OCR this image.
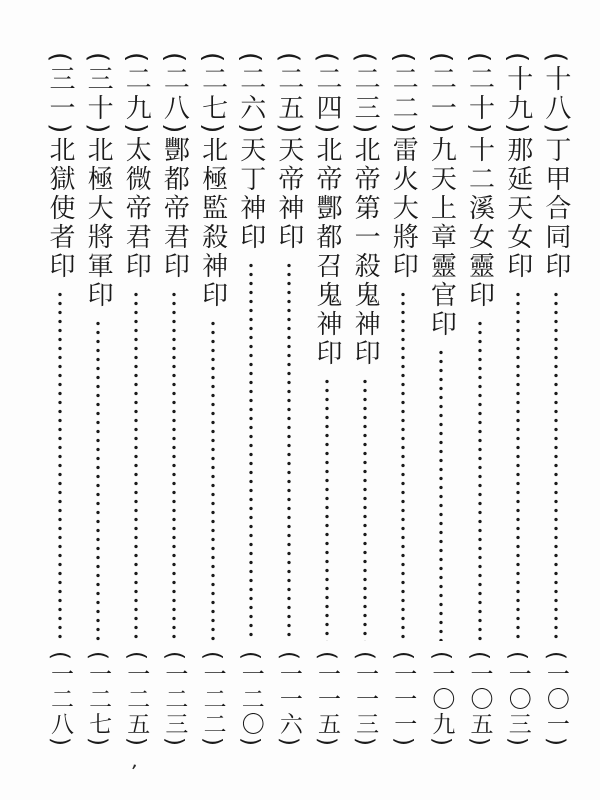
(十八)丁甲合同印
(一〇一)
(十九)那延天女印
(一〇三)
(二十)十二溪女靈印
(一〇五)
(二一)九天上章靈官印
(一〇九)
(二二)雷火大將印
(一一一)
(二三)北帝第一殺鬼神印
(一一三)
(二四)北帝酆都召鬼神印
(一一五)
(二五)天帝神印
(一一六)
(二六)天丁神印
(一二〇)
(二七)北極監殺神印
(一二二)
(二八)酆都帝君印
(一二三)
(二九)太微帝君印
(一二五)
(三十)北極大將軍印
(一二七)
(三一)北獄使者印
(一二八)
’
